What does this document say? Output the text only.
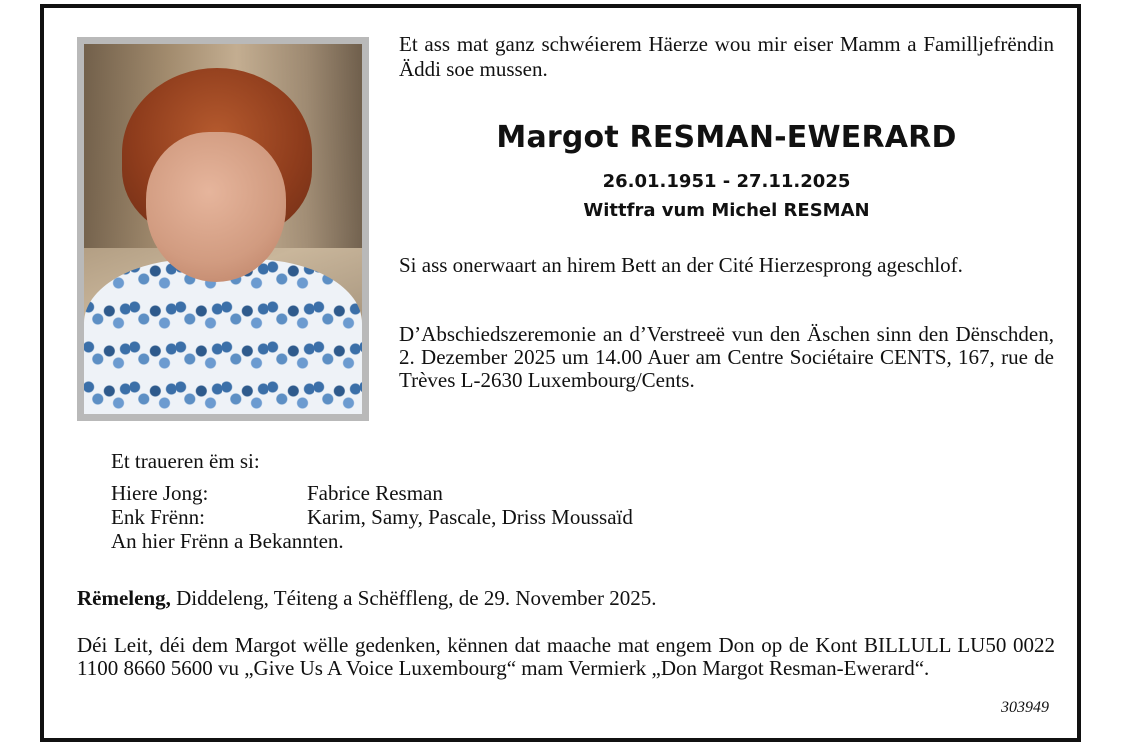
Et ass mat ganz schwéierem Häerze wou mir eiser Mamm a Familljefrëndin Äddi soe mussen.

Margot RESMAN-EWERARD

26.01.1951 - 27.11.2025

Wittfra vum Michel RESMAN

Si ass onerwaart an hirem Bett an der Cité Hierzesprong ageschlof.

D’Abschiedszeremonie an d’Verstreeë vun den Äschen sinn den Dënschden, 2. Dezember 2025 um 14.00 Auer am Centre Sociétaire CENTS, 167, rue de Trèves L-2630 Luxembourg/Cents.

Et traueren ëm si:

Hiere Jong:	Fabrice Resman

Enk Frënn:	Karim, Samy, Pascale, Driss Moussaïd

An hier Frënn a Bekannten.

Rëmeleng, Diddeleng, Téiteng a Schëffleng, de 29. November 2025.

Déi Leit, déi dem Margot wëlle gedenken, kënnen dat maache mat engem Don op de Kont BILLULL LU50 0022 1100 8660 5600 vu „Give Us A Voice Luxembourg“ mam Vermierk „Don Margot Resman-Ewerard“.

303949
